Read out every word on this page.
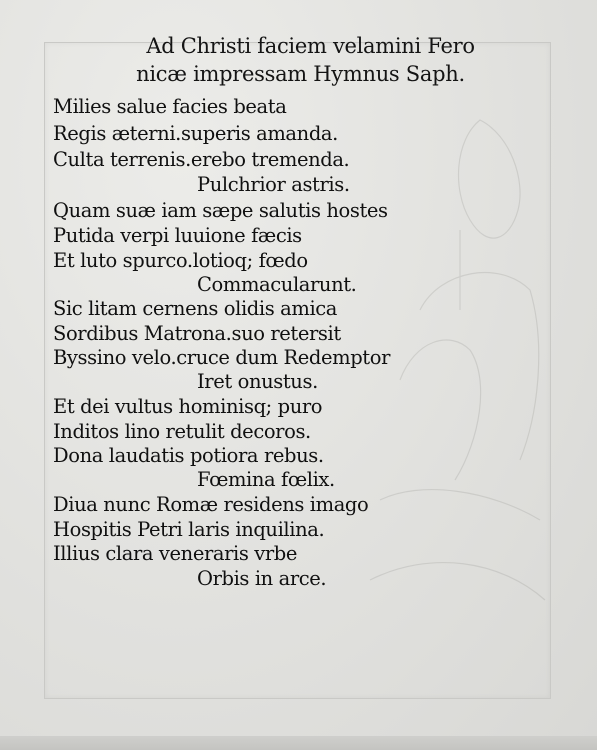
Ad Christi faciem velamini Fero
nicæ impressam Hymnus Saph.
Milies salue facies beata
Regis æterni.superis amanda.
Culta terrenis.erebo tremenda.
Pulchrior astris.
Quam suæ iam sæpe salutis hostes
Putida verpi luuione fæcis
Et luto spurco.lotioq; fœdo
Commacularunt.
Sic litam cernens olidis amica
Sordibus Matrona.suo retersit
Byssino velo.cruce dum Redemptor
Iret onustus.
Et dei vultus hominisq; puro
Inditos lino retulit decoros.
Dona laudatis potiora rebus.
Fœmina fœlix.
Diua nunc Romæ residens imago
Hospitis Petri laris inquilina.
Illius clara veneraris vrbe
Orbis in arce.
